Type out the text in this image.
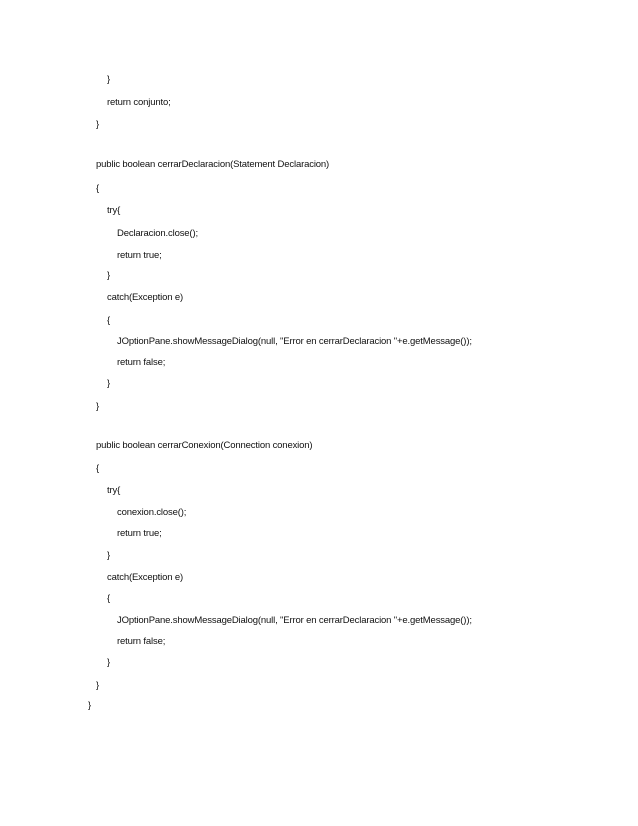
}
return conjunto;
}
public boolean cerrarDeclaracion(Statement Declaracion)
{
try{
Declaracion.close();
return true;
}
catch(Exception e)
{
JOptionPane.showMessageDialog(null, "Error en cerrarDeclaracion "+e.getMessage());
return false;
}
}
public boolean cerrarConexion(Connection conexion)
{
try{
conexion.close();
return true;
}
catch(Exception e)
{
JOptionPane.showMessageDialog(null, "Error en cerrarDeclaracion "+e.getMessage());
return false;
}
}
}
